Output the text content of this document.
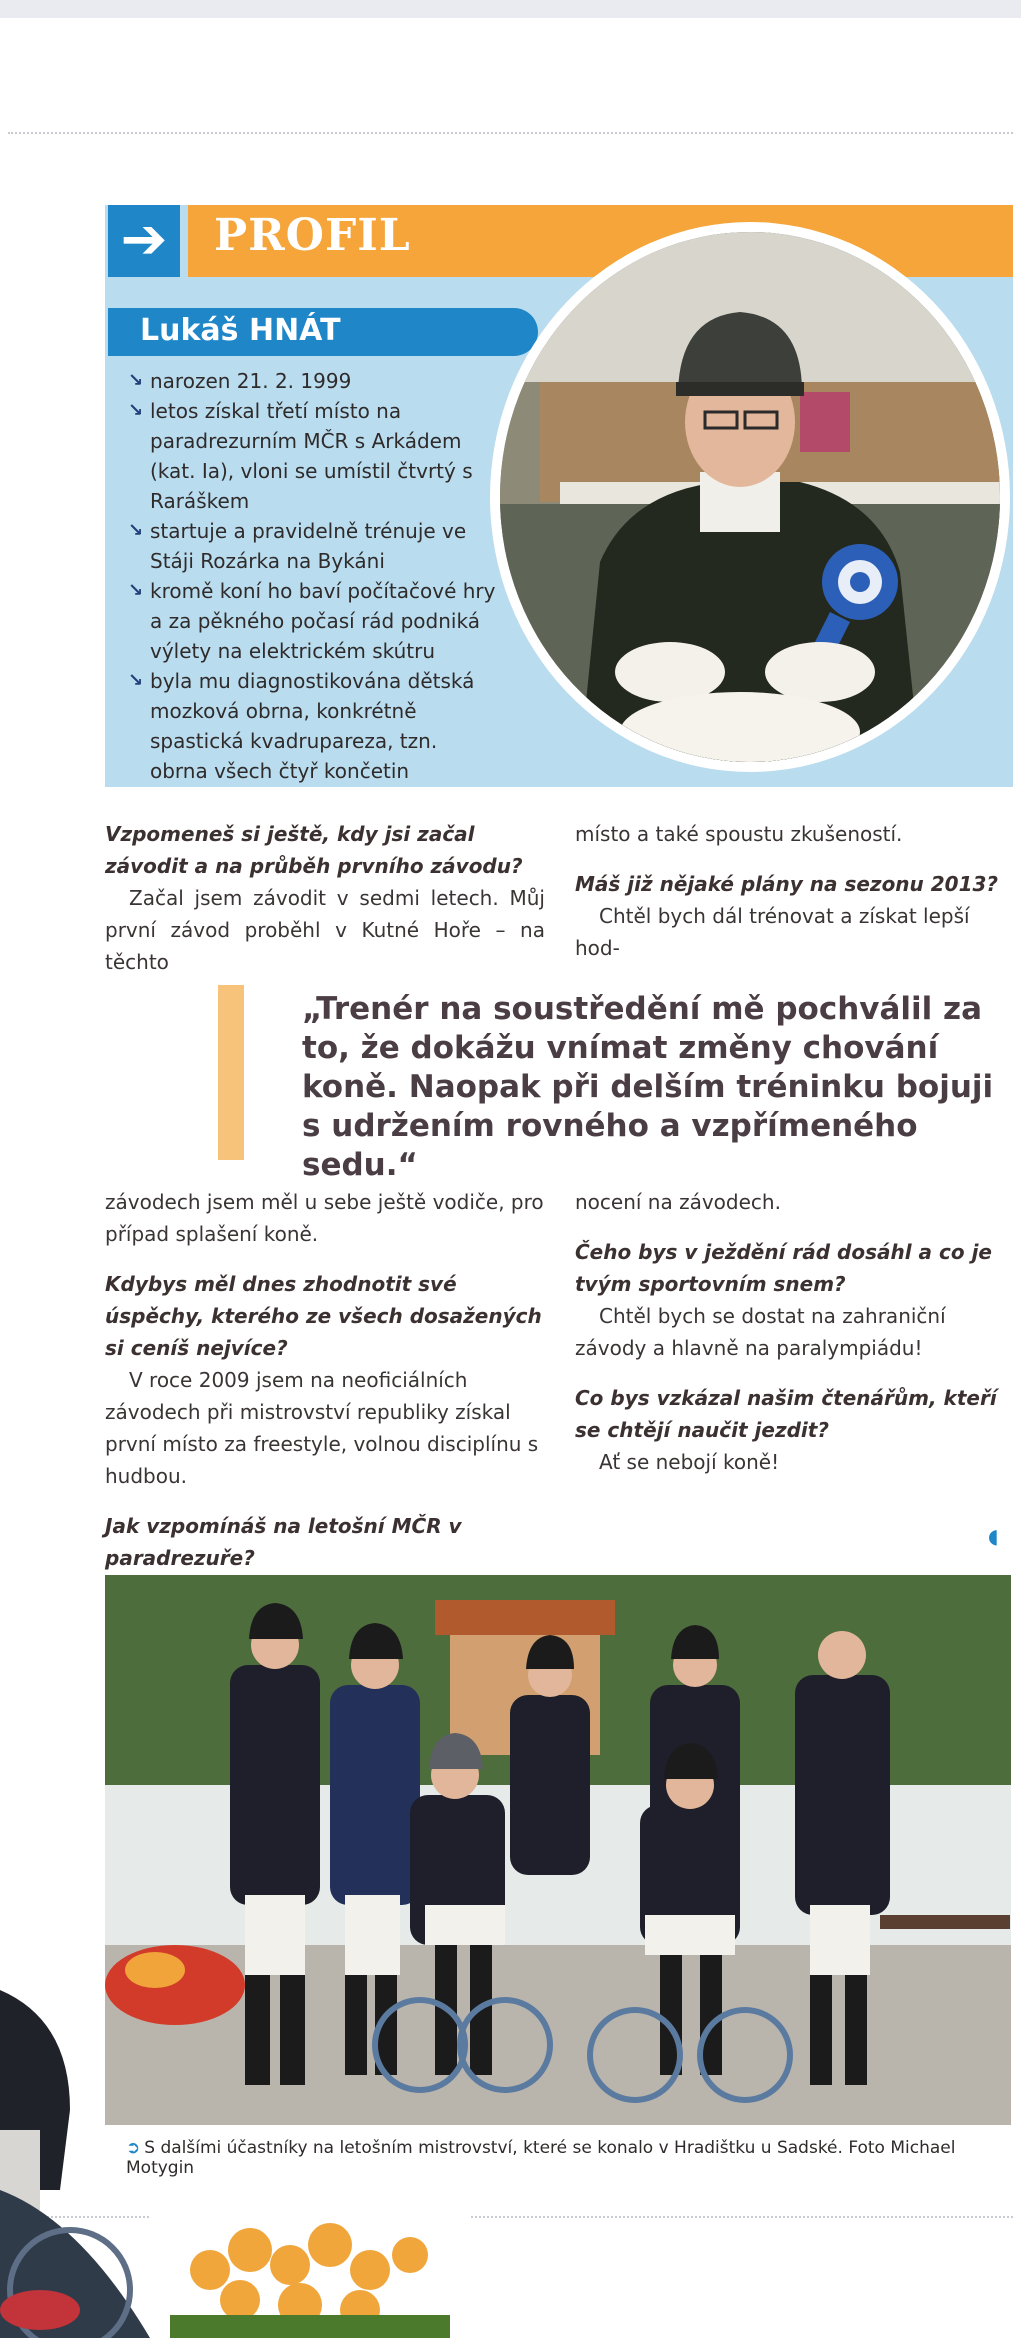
➔ PROFIL
Lukáš HNÁT
↘ narozen 21. 2. 1999
↘ letos získal třetí místo na paradrezurním MČR s Arkádem (kat. Ia), vloni se umístil čtvrtý s Raráškem
↘ startuje a pravidelně trénuje ve Stáji Rozárka na Bykáni
↘ kromě koní ho baví počítačové hry a za pěkného počasí rád podniká výlety na elektrickém skútru
↘ byla mu diagnostikována dětská mozková obrna, konkrétně spastická kvadrupareza, tzn. obrna všech čtyř končetin
Vzpomeneš si ještě, kdy jsi začal závodit a na průběh prvního závodu?
Začal jsem závodit v sedmi letech. Můj první závod proběhl v Kutné Hoře – na těchto
místo a také spoustu zkušeností.
Máš již nějaké plány na sezonu 2013?
Chtěl bych dál trénovat a získat lepší hod-
„Trenér na soustředění mě pochválil za to, že dokážu vnímat změny chování koně. Naopak při delším tréninku bojuji s udržením rovného a vzpřímeného sedu.“
závodech jsem měl u sebe ještě vodiče, pro případ splašení koně.
Kdybys měl dnes zhodnotit své úspěchy, kterého ze všech dosažených si ceníš nejvíce?
V roce 2009 jsem na neoficiálních závodech při mistrovství republiky získal první místo za freestyle, volnou disciplínu s hudbou.
Jak vzpomínáš na letošní MČR v paradrezuře?
nocení na závodech.
Čeho bys v ježdění rád dosáhl a co je tvým sportovním snem?
Chtěl bych se dostat na zahraniční závody a hlavně na paralympiádu!
Co bys vzkázal našim čtenářům, kteří se chtějí naučit jezdit?
Ať se nebojí koně!
◖
➲ S dalšími účastníky na letošním mistrovství, které se konalo v Hradištku u Sadské. Foto Michael Motygin
